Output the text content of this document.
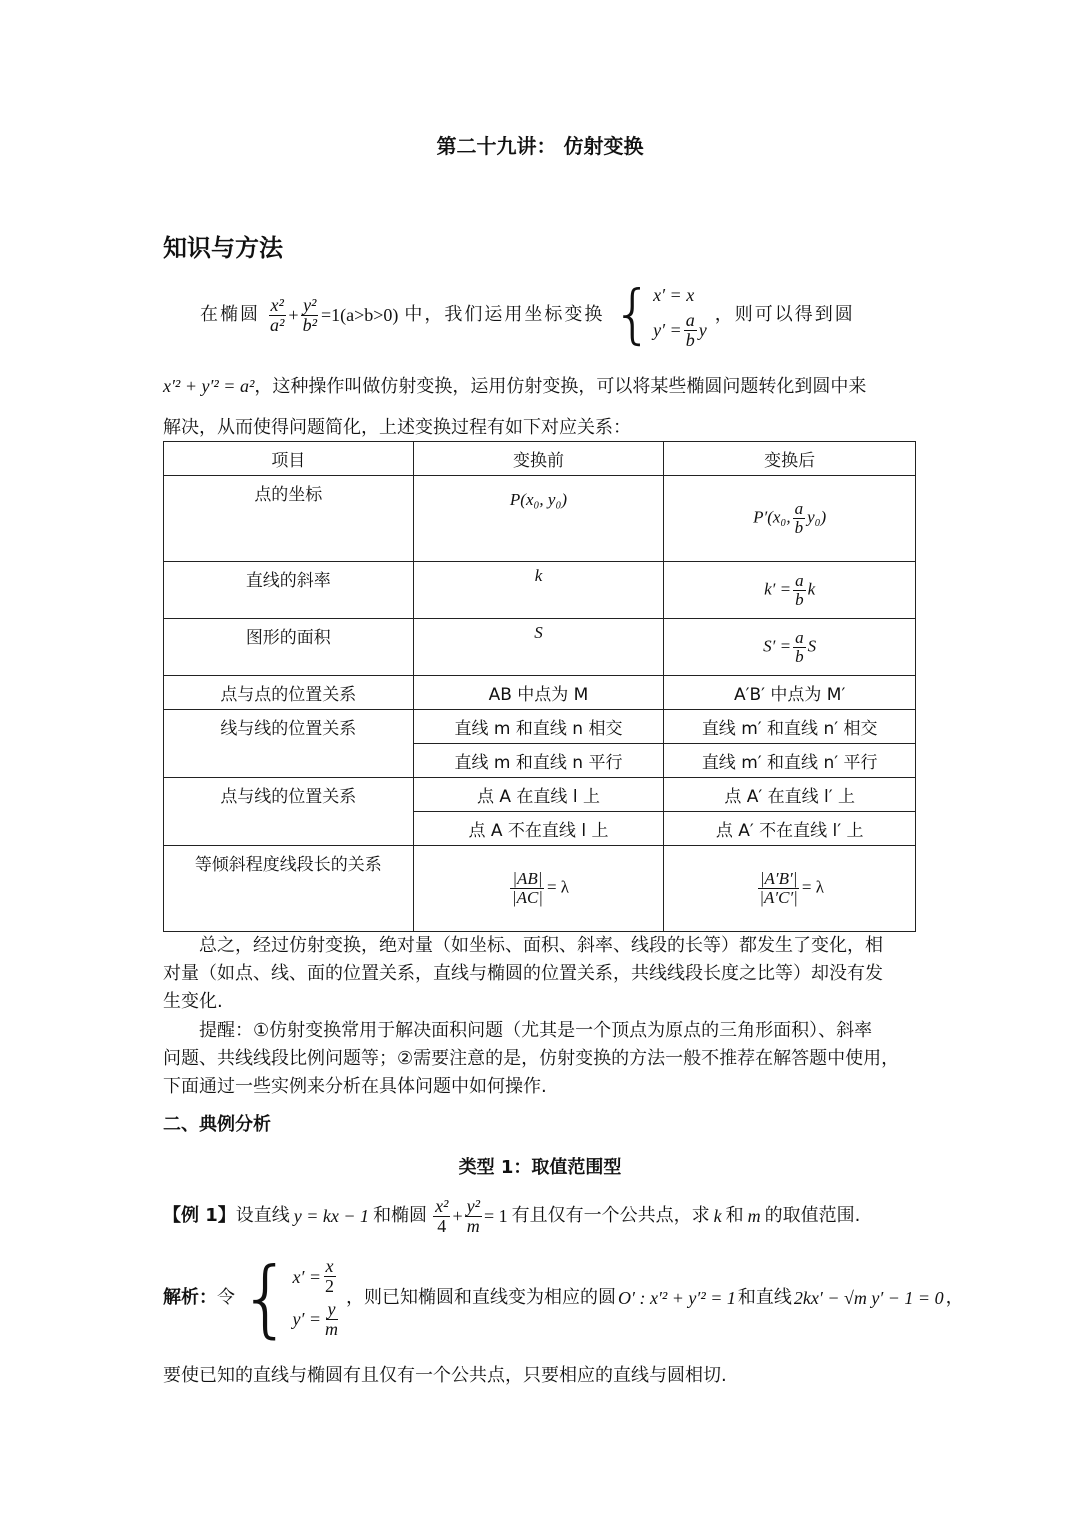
第二十九讲： 仿射变换
知识与方法
在椭圆 $\frac{\text{x²}}{\text{a²}} + \frac{\text{y²}}{\text{b²}} =1(a>b>0)$ 中，我们运用坐标变换 { x′ = x
$y' = \frac{a}{b}$ y
，则可以得到圆
x′² + y′² = a²，这种操作叫做仿射变换，运用仿射变换，可以将某些椭圆问题转化到圆中来
解决，从而使得问题简化，上述变换过程有如下对应关系：
项目	变换前	变换后
点的坐标	P(x₀, y₀)	P′(x₀, $\frac{a}{b} y_0$)
直线的斜率	k	$k' = \frac{a}{b}$ k
图形的面积	S	$S' = \frac{a}{b}$ S
点与点的位置关系	AB 中点为 M	A′B′ 中点为 M′
线与线的位置关系	直线 m 和直线 n 相交	直线 m′ 和直线 n′ 相交
	直线 m 和直线 n 平行	直线 m′ 和直线 n′ 平行
点与线的位置关系	点 A 在直线 l 上	点 A′ 在直线 l′ 上
	点 A 不在直线 l 上	点 A′ 不在直线 l′ 上
等倾斜程度线段长的关系	$\frac{|AB|}{|AC|} = \lambda$	$\frac{|A'B'|}{|A'C'|} = \lambda$
总之，经过仿射变换，绝对量（如坐标、面积、斜率、线段的长等）都发生了变化，相
对量（如点、线、面的位置关系，直线与椭圆的位置关系，共线线段长度之比等）却没有发
生变化.
提醒：①仿射变换常用于解决面积问题（尤其是一个顶点为原点的三角形面积）、斜率
问题、共线线段比例问题等；②需要注意的是，仿射变换的方法一般不推荐在解答题中使用，
下面通过一些实例来分析在具体问题中如何操作.
二、典例分析
类型 1：取值范围型
【例 1】 设直线 y = kx − 1 和椭圆 $\frac{\text{x²}}{4} + \frac{\text{y²}}{m} = 1$ 有且仅有一个公共点，求 k 和 m 的取值范围.
解析： 令 { $x' = \frac{x}{2}$
$y' = \frac{y}{m}$
，则已知椭圆和直线变为相应的圆 O′ : x′² + y′² = 1 和直线 2kx′ − √m y′ − 1 = 0 ，
要使已知的直线与椭圆有且仅有一个公共点，只要相应的直线与圆相切.
